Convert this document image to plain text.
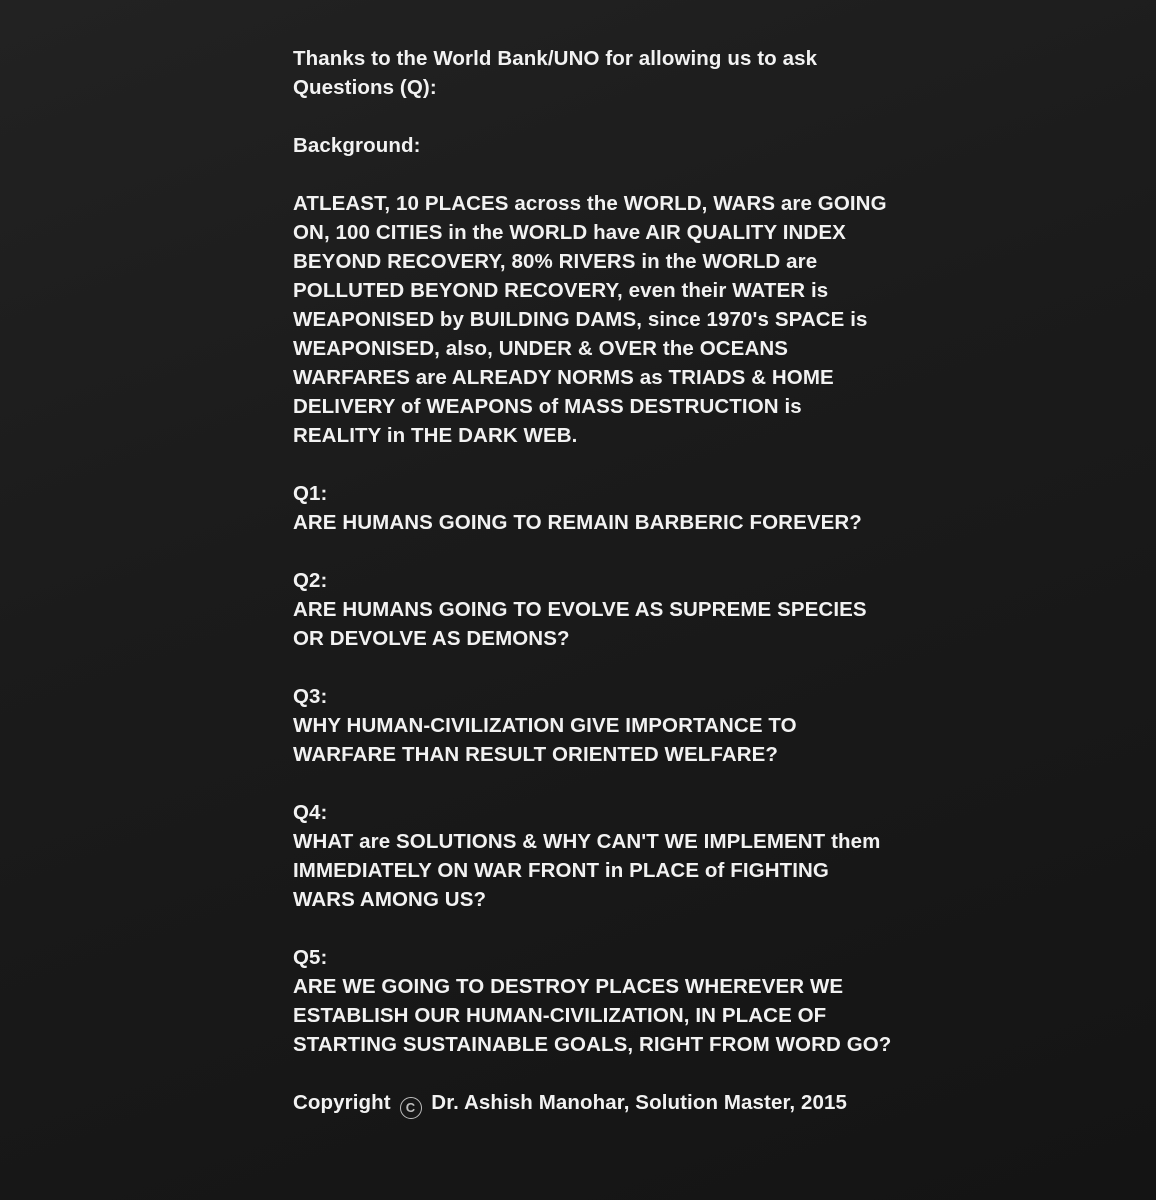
Thanks to the World Bank/UNO for allowing us to ask Questions (Q):

Background:

ATLEAST, 10 PLACES across the WORLD, WARS are GOING ON, 100 CITIES in the WORLD have AIR QUALITY INDEX BEYOND RECOVERY, 80% RIVERS in the WORLD are POLLUTED BEYOND RECOVERY, even their WATER is WEAPONISED by BUILDING DAMS, since 1970's SPACE is WEAPONISED, also, UNDER & OVER the OCEANS WARFARES are ALREADY NORMS as TRIADS & HOME DELIVERY of WEAPONS of MASS DESTRUCTION is REALITY in THE DARK WEB.

Q1:
ARE HUMANS GOING TO REMAIN BARBERIC FOREVER?

Q2:
ARE HUMANS GOING TO EVOLVE AS SUPREME SPECIES OR DEVOLVE AS DEMONS?

Q3:
WHY HUMAN-CIVILIZATION GIVE IMPORTANCE TO WARFARE THAN RESULT ORIENTED WELFARE?

Q4:
WHAT are SOLUTIONS & WHY CAN'T WE IMPLEMENT them IMMEDIATELY ON WAR FRONT in PLACE of FIGHTING WARS AMONG US?

Q5:
ARE WE GOING TO DESTROY PLACES WHEREVER WE ESTABLISH OUR HUMAN-CIVILIZATION, IN PLACE OF STARTING SUSTAINABLE GOALS, RIGHT FROM WORD GO?

Copyright C Dr. Ashish Manohar, Solution Master, 2015
